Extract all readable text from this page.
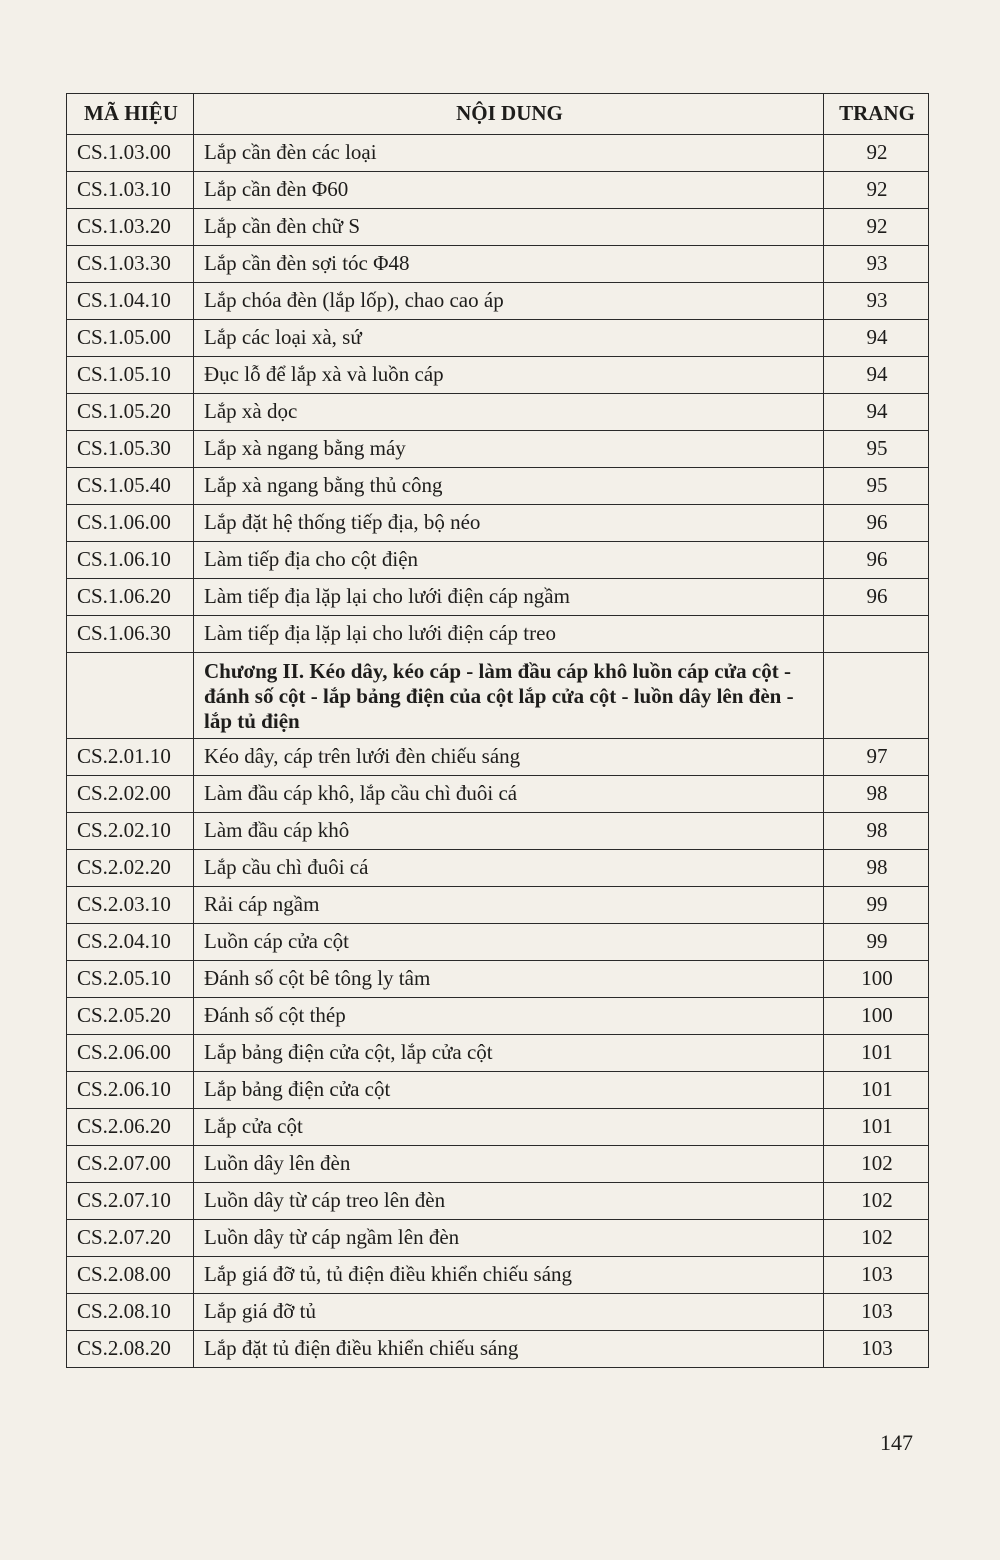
MÃ HIỆU	NỘI DUNG	TRANG
CS.1.03.00	Lắp cần đèn các loại	92
CS.1.03.10	Lắp cần đèn Φ60	92
CS.1.03.20	Lắp cần đèn chữ S	92
CS.1.03.30	Lắp cần đèn sợi tóc Φ48	93
CS.1.04.10	Lắp chóa đèn (lắp lốp), chao cao áp	93
CS.1.05.00	Lắp các loại xà, sứ	94
CS.1.05.10	Đục lỗ để lắp xà và luồn cáp	94
CS.1.05.20	Lắp xà dọc	94
CS.1.05.30	Lắp xà ngang bằng máy	95
CS.1.05.40	Lắp xà ngang bằng thủ công	95
CS.1.06.00	Lắp đặt hệ thống tiếp địa, bộ néo	96
CS.1.06.10	Làm tiếp địa cho cột điện	96
CS.1.06.20	Làm tiếp địa lặp lại cho lưới điện cáp ngầm	96
CS.1.06.30	Làm tiếp địa lặp lại cho lưới điện cáp treo	
	Chương II. Kéo dây, kéo cáp - làm đầu cáp khô luồn cáp cửa cột - đánh số cột - lắp bảng điện của cột lắp cửa cột - luồn dây lên đèn - lắp tủ điện	
CS.2.01.10	Kéo dây, cáp trên lưới đèn chiếu sáng	97
CS.2.02.00	Làm đầu cáp khô, lắp cầu chì đuôi cá	98
CS.2.02.10	Làm đầu cáp khô	98
CS.2.02.20	Lắp cầu chì đuôi cá	98
CS.2.03.10	Rải cáp ngầm	99
CS.2.04.10	Luồn cáp cửa cột	99
CS.2.05.10	Đánh số cột bê tông ly tâm	100
CS.2.05.20	Đánh số cột thép	100
CS.2.06.00	Lắp bảng điện cửa cột, lắp cửa cột	101
CS.2.06.10	Lắp bảng điện cửa cột	101
CS.2.06.20	Lắp cửa cột	101
CS.2.07.00	Luồn dây lên đèn	102
CS.2.07.10	Luồn dây từ cáp treo lên đèn	102
CS.2.07.20	Luồn dây từ cáp ngầm lên đèn	102
CS.2.08.00	Lắp giá đỡ tủ, tủ điện điều khiển chiếu sáng	103
CS.2.08.10	Lắp giá đỡ tủ	103
CS.2.08.20	Lắp đặt tủ điện điều khiển chiếu sáng	103
147
